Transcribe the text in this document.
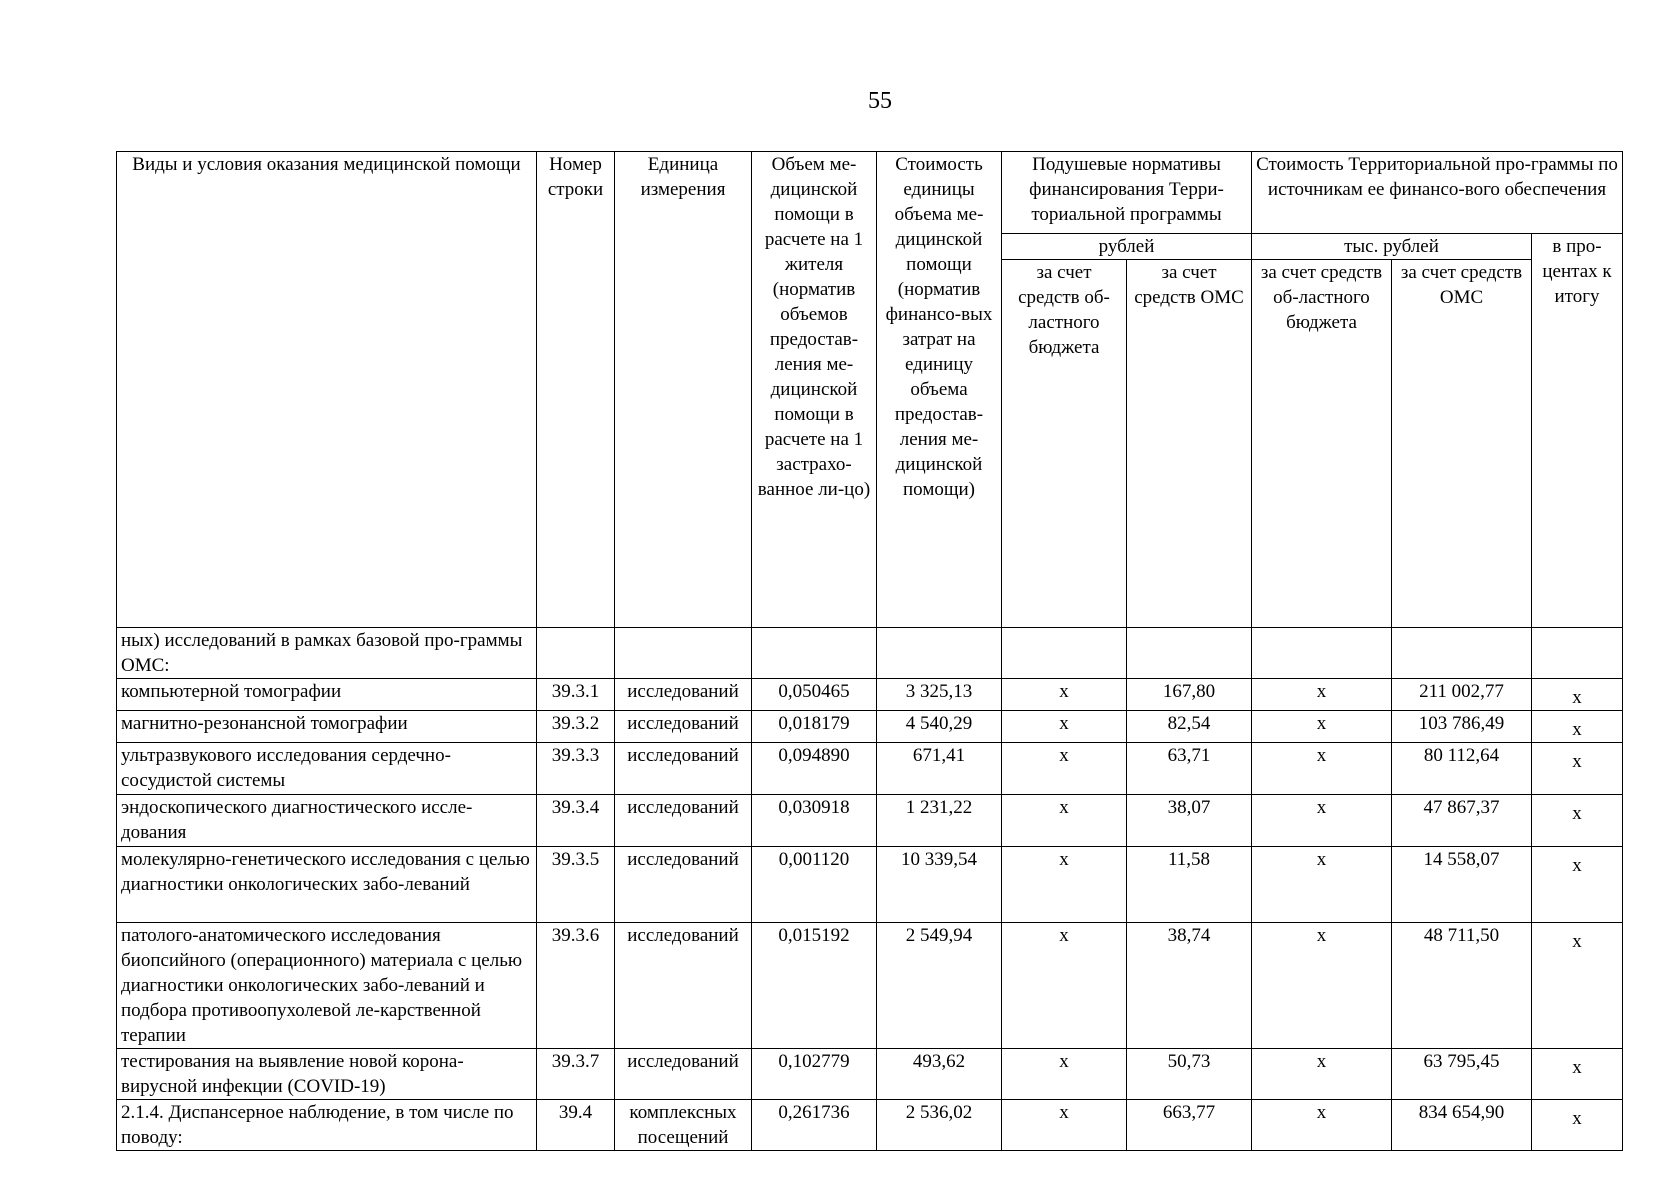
55
Виды и условия оказания медицинской помощи	Номер строки	Единица измерения	Объем ме-дицинской помощи в расчете на 1 жителя (норматив объемов предостав-ления ме-дицинской помощи в расчете на 1 застрахо-ванное ли-цо)	Стоимость единицы объема ме-дицинской помощи (норматив финансо-вых затрат на единицу объема предостав-ления ме-дицинской помощи)	Подушевые нормативы финансирования Терри-ториальной программы		Стоимость Территориальной про-граммы по источникам ее финансо-вого обеспечения		
					рублей		тыс. рублей		в про-центах к итогу
					за счет средств об-ластного бюджета	за счет средств ОМС	за счет средств об-ластного бюджета	за счет средств ОМС	
ных) исследований в рамках базовой про-граммы ОМС:									
компьютерной томографии	39.3.1	исследований	0,050465	3 325,13	х	167,80	х	211 002,77	х
магнитно-резонансной томографии	39.3.2	исследований	0,018179	4 540,29	х	82,54	х	103 786,49	х
ультразвукового исследования сердечно-сосудистой системы	39.3.3	исследований	0,094890	671,41	х	63,71	х	80 112,64	х
эндоскопического диагностического иссле-дования	39.3.4	исследований	0,030918	1 231,22	х	38,07	х	47 867,37	х
молекулярно-генетического исследования с целью диагностики онкологических забо-леваний	39.3.5	исследований	0,001120	10 339,54	х	11,58	х	14 558,07	х
патолого-анатомического исследования биопсийного (операционного) материала с целью диагностики онкологических забо-леваний и подбора противоопухолевой ле-карственной терапии	39.3.6	исследований	0,015192	2 549,94	х	38,74	х	48 711,50	х
тестирования на выявление новой корона-вирусной инфекции (COVID-19)	39.3.7	исследований	0,102779	493,62	х	50,73	х	63 795,45	х
2.1.4. Диспансерное наблюдение, в том числе по поводу:	39.4	комплексных посещений	0,261736	2 536,02	х	663,77	х	834 654,90	х
